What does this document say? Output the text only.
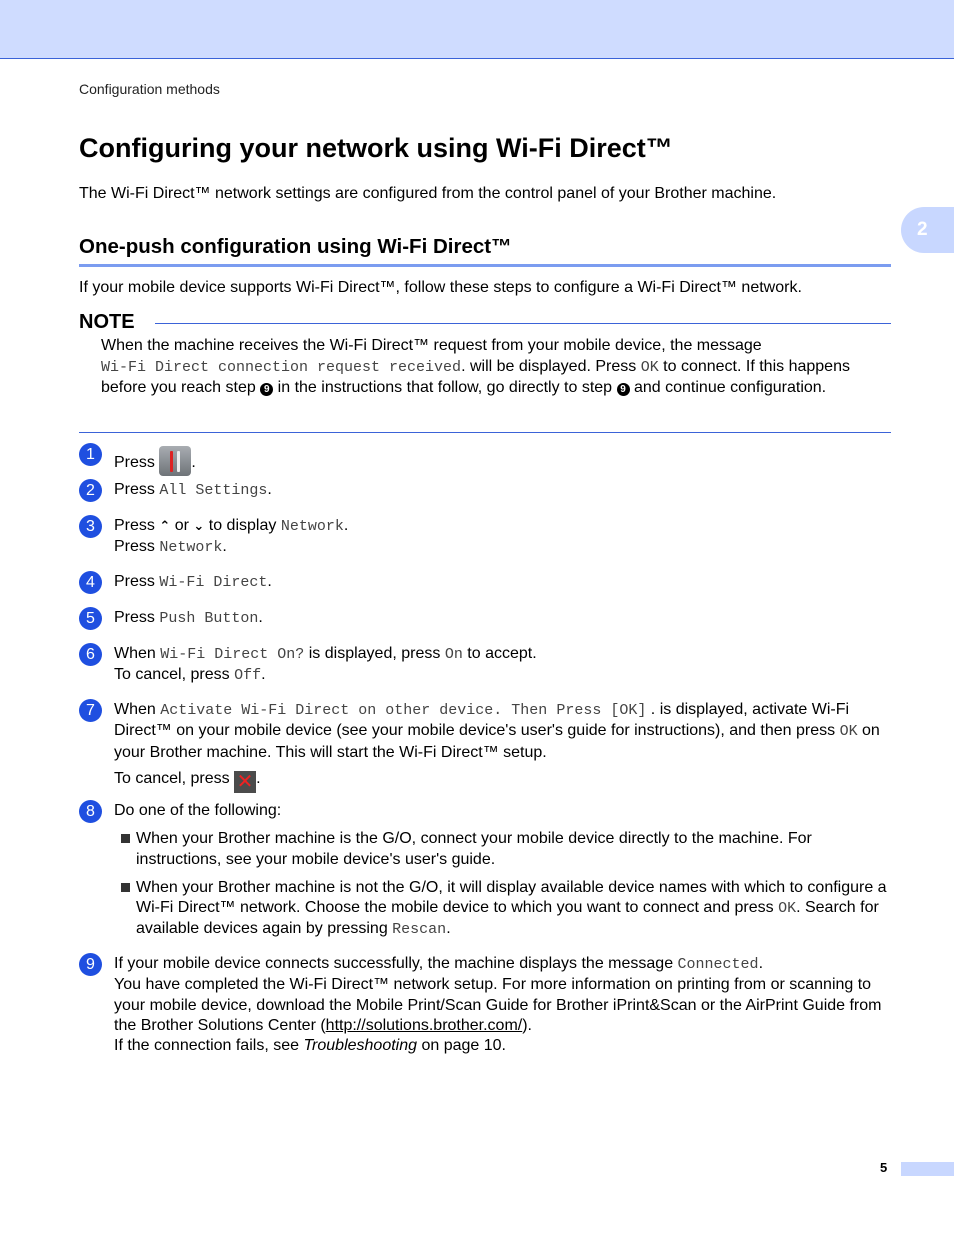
2
Configuration methods
Configuring your network using Wi-Fi Direct™
The Wi-Fi Direct™ network settings are configured from the control panel of your Brother machine.
One-push configuration using Wi-Fi Direct™
If your mobile device supports Wi-Fi Direct™, follow these steps to configure a Wi-Fi Direct™ network.
NOTE
When the machine receives the Wi-Fi Direct™ request from your mobile device, the message
Wi-Fi Direct connection request received. will be displayed. Press OK to connect. If this happens before you reach step 9 in the instructions that follow, go directly to step 9 and continue configuration.
1	Press .
2	Press All Settings.
3	Press ⌃ or ⌄ to display Network.

Press Network.

4	Press Wi-Fi Direct.
5	Press Push Button.
6	When Wi-Fi Direct On? is displayed, press On to accept.

To cancel, press Off.

7	When Activate Wi-Fi Direct on other device. Then Press [OK] . is displayed, activate Wi-Fi Direct™ on your mobile device (see your mobile device's user's guide for instructions), and then press OK on your Brother machine. This will start the Wi-Fi Direct™ setup.

To cancel, press ✕ .

8	Do one of the following:

When your Brother machine is the G/O, connect your mobile device directly to the machine. For instructions, see your mobile device's user's guide.
When your Brother machine is not the G/O, it will display available device names with which to configure a Wi-Fi Direct™ network. Choose the mobile device to which you want to connect and press OK. Search for available devices again by pressing Rescan.
9	If your mobile device connects successfully, the machine displays the message Connected.

You have completed the Wi-Fi Direct™ network setup. For more information on printing from or scanning to your mobile device, download the Mobile Print/Scan Guide for Brother iPrint&Scan or the AirPrint Guide from the Brother Solutions Center (http://solutions.brother.com/).

If the connection fails, see Troubleshooting on page 10.

5
